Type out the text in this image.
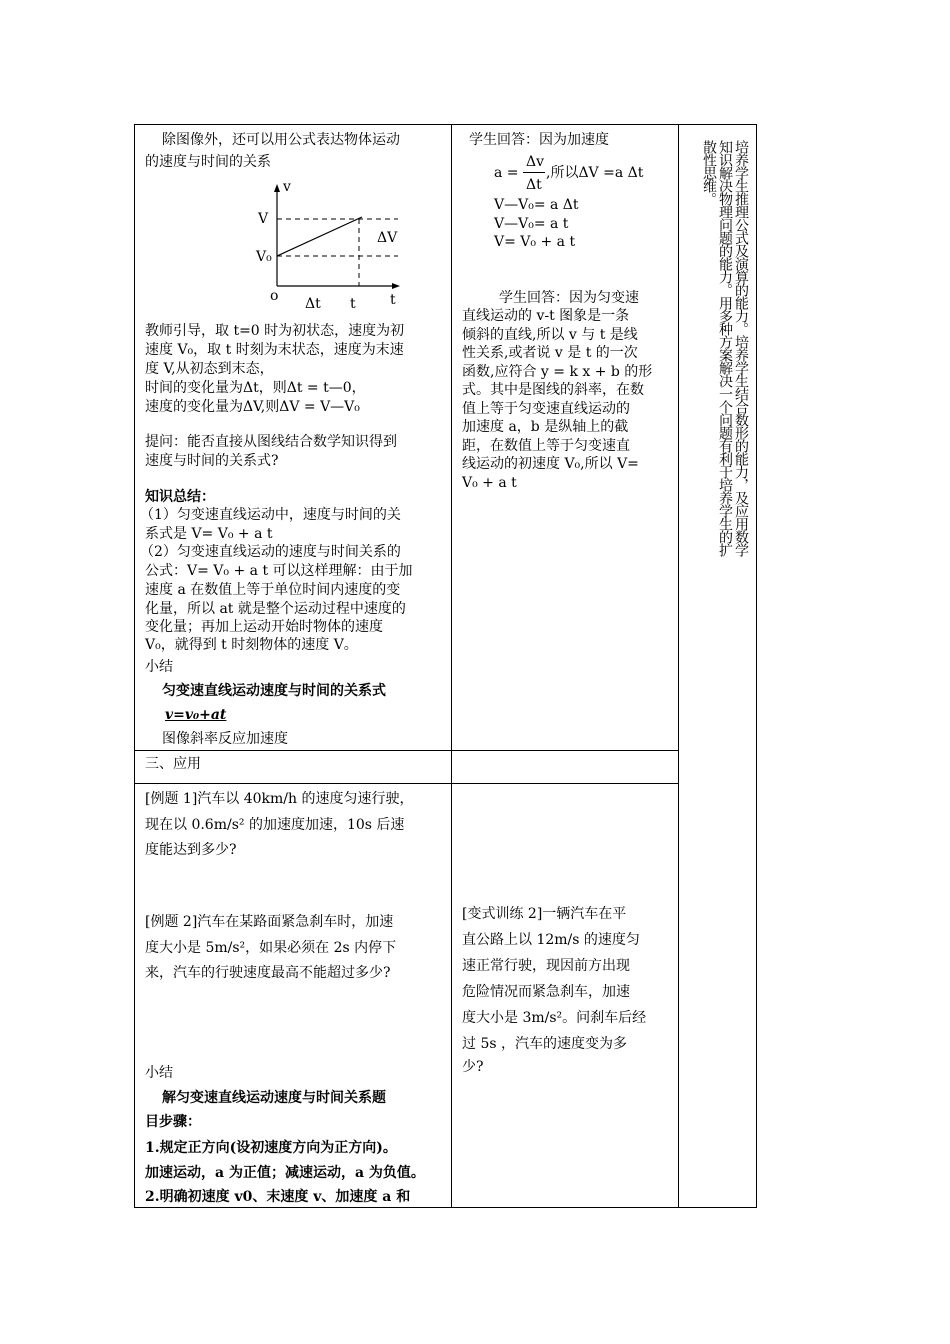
除图像外，还可以用公式表达物体运动
的速度与时间的关系
v
V
ΔV
V₀
o Δt t t
教师引导，取 t=0 时为初状态，速度为初
速度 V₀，取 t 时刻为末状态，速度为末速
度 V,从初态到末态，
时间的变化量为Δt，则Δt = t—0，
速度的变化量为ΔV,则ΔV = V—V₀
提问：能否直接从图线结合数学知识得到
速度与时间的关系式?
知识总结：
（1）匀变速直线运动中，速度与时间的关
系式是 V= V₀ + a t
（2）匀变速直线运动的速度与时间关系的
公式：V= V₀ + a t 可以这样理解：由于加
速度 a 在数值上等于单位时间内速度的变
化量，所以 at 就是整个运动过程中速度的
变化量；再加上运动开始时物体的速度
V₀，就得到 t 时刻物体的速度 V。
小结
匀变速直线运动速度与时间的关系式
v=v₀+at
图像斜率反应加速度
学生回答：因为加速度
Δv
Δt
a = ,所以ΔV =a Δt
V—V₀= a Δt
V—V₀= a t
V= V₀ + a t
学生回答：因为匀变速
直线运动的 v-t 图象是一条
倾斜的直线,所以 v 与 t 是线
性关系,或者说 v 是 t 的一次
函数,应符合 y = k x + b 的形
式。其中是图线的斜率，在数
值上等于匀变速直线运动的
加速度 a，b 是纵轴上的截
距，在数值上等于匀变速直
线运动的初速度 V₀,所以 V=
V₀ + a t	培养学生推理公式及演算的能力。培养学生结合数形的能力，及应用数学知识解决物理问题的能力。用多种方案解决一个问题有利于培养学生的扩散性思维。
三、应用
[例题 1]汽车以 40km/h 的速度匀速行驶，
现在以 0.6m/s² 的加速度加速，10s 后速
度能达到多少?
[例题 2]汽车在某路面紧急刹车时，加速
度大小是 5m/s²，如果必须在 2s 内停下
来，汽车的行驶速度最高不能超过多少?
[变式训练 2]一辆汽车在平
直公路上以 12m/s 的速度匀
速正常行驶，现因前方出现
危险情况而紧急刹车，加速
度大小是 3m/s²。问刹车后经
过 5s ，汽车的速度变为多
少?
小结
解匀变速直线运动速度与时间关系题
目步骤：
1.规定正方向(设初速度方向为正方向)。
加速运动，a 为正值；减速运动，a 为负值。
2.明确初速度 v0、末速度 v、加速度 a 和
